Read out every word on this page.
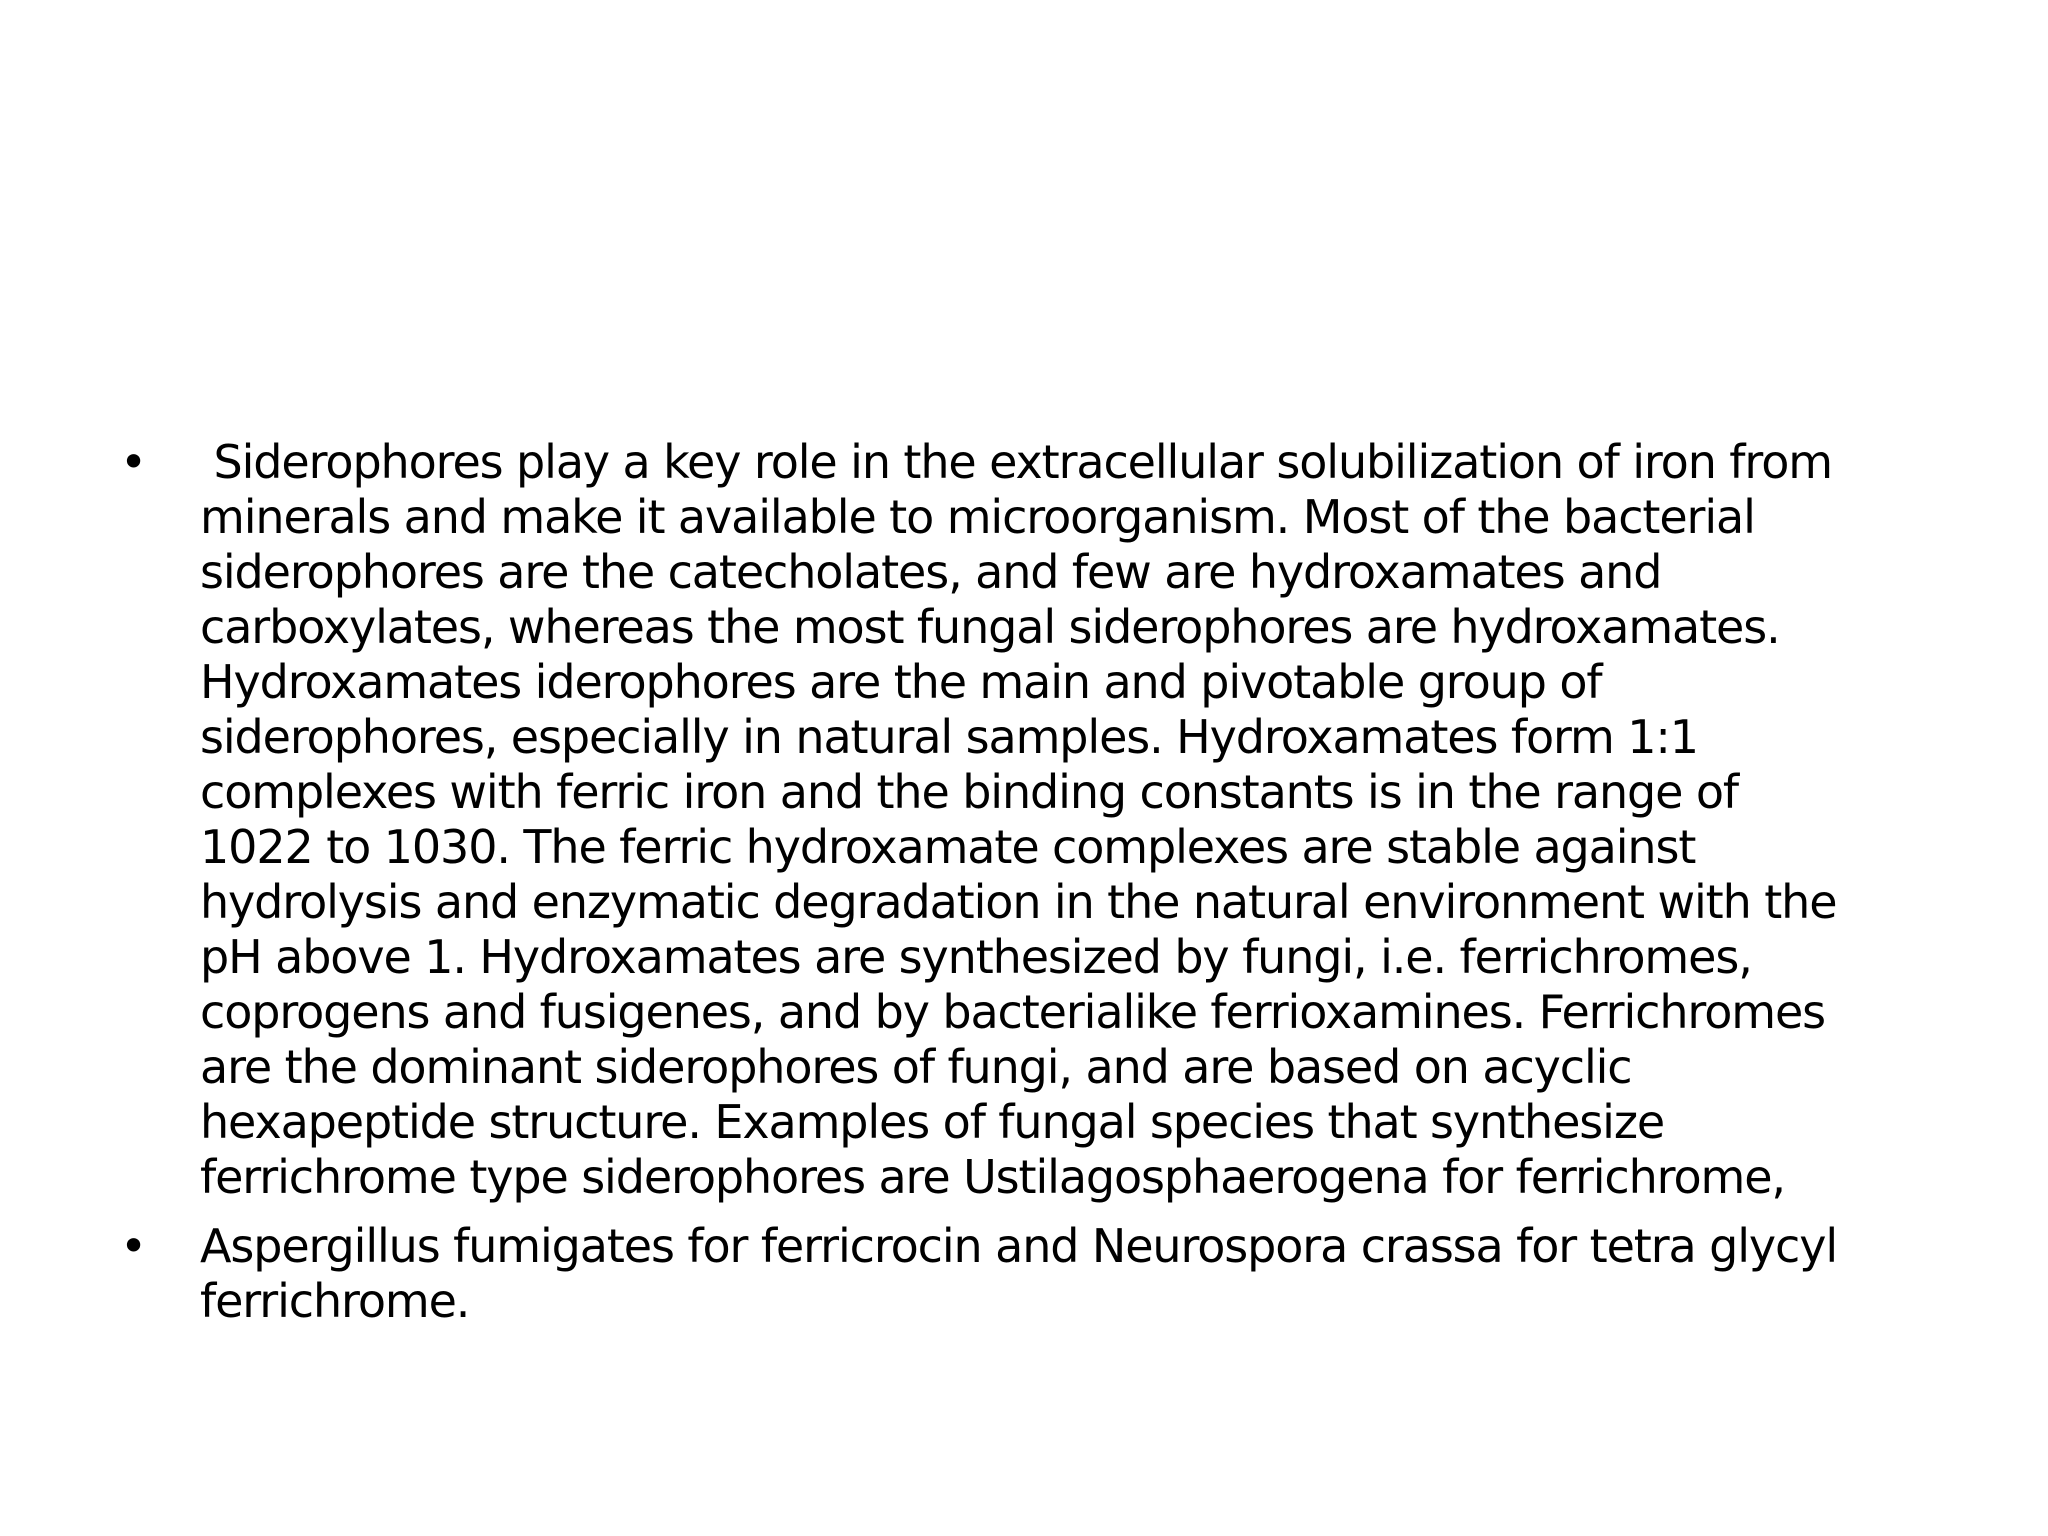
•	Siderophores play a key role in the extracellular solubilization of iron from
minerals and make it available to microorganism. Most of the bacterial
siderophores are the catecholates, and few are hydroxamates and
carboxylates, whereas the most fungal siderophores are hydroxamates.
Hydroxamates iderophores are the main and pivotable group of
siderophores, especially in natural samples. Hydroxamates form 1:1
complexes with ferric iron and the binding constants is in the range of
1022 to 1030. The ferric hydroxamate complexes are stable against
hydrolysis and enzymatic degradation in the natural environment with the
pH above 1. Hydroxamates are synthesized by fungi, i.e. ferrichromes,
coprogens and fusigenes, and by bacterialike ferrioxamines. Ferrichromes
are the dominant siderophores of fungi, and are based on acyclic
hexapeptide structure. Examples of fungal species that synthesize
ferrichrome type siderophores are Ustilagosphaerogena for ferrichrome,
•	Aspergillus fumigates for ferricrocin and Neurospora crassa for tetra glycyl
ferrichrome.
